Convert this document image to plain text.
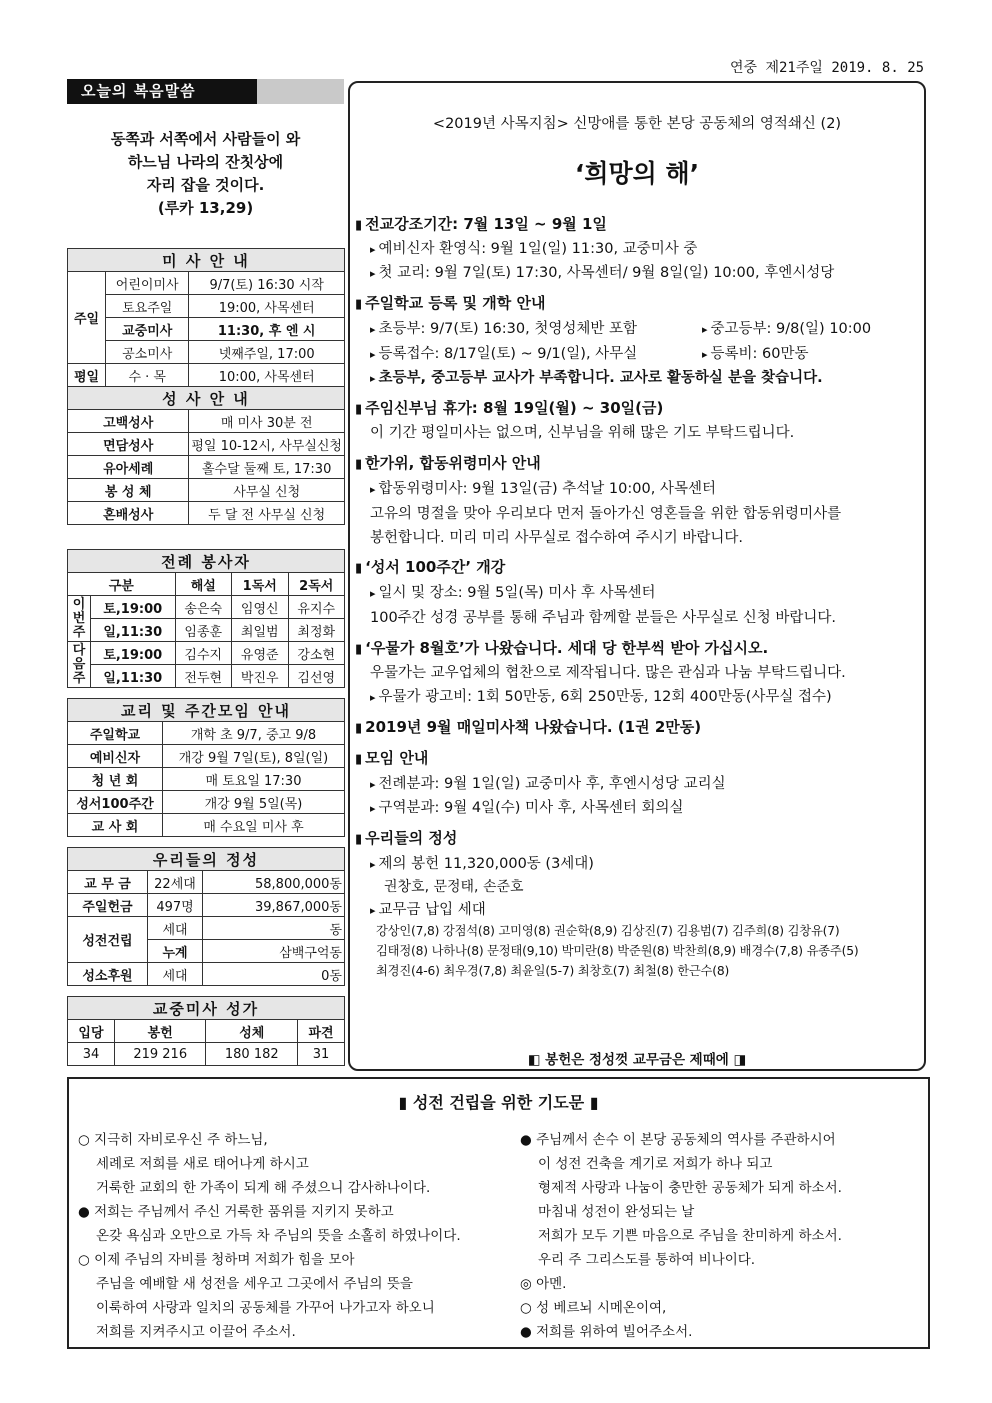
연중 제21주일 2019. 8. 25
오늘의 복음말씀
동쪽과 서쪽에서 사람들이 와
하느님 나라의 잔칫상에
자리 잡을 것이다.
(루카 13,29)
미 사 안 내		
주일	어린이미사	9/7(토) 16:30 시작
	토요주일	19:00, 사목센터
	교중미사	11:30, 후 엔 시
	공소미사	넷째주일, 17:00
평일	수 · 목	10:00, 사목센터
성 사 안 내		
고백성사		매 미사 30분 전
면담성사		평일 10-12시, 사무실신청
유아세례		홀수달 둘째 토, 17:30
봉 성 체		사무실 신청
혼배성사		두 달 전 사무실 신청
전례 봉사자				
구분		해설	1독서	2독서
이번주	토,19:00	송은숙	임영신	유지수
	일,11:30	임종훈	최일범	최정화
다음주	토,19:00	김수지	유영준	강소현
	일,11:30	전두현	박진우	김선영
교리 및 주간모임 안내	
주일학교	개학 초 9/7, 중고 9/8
예비신자	개강 9월 7일(토), 8일(일)
청 년 회	매 토요일 17:30
성서100주간	개강 9월 5일(목)
교 사 회	매 수요일 미사 후
우리들의 정성		
교 무 금	22세대	58,800,000동
주일헌금	497명	39,867,000동
성전건립	세대	동
	누계	삼백구억동
성소후원	세대	0동
교중미사 성가			
입당	봉헌	성체	파견
34	219 216	180 182	31
<2019년 사목지침> 신망애를 통한 본당 공동체의 영적쇄신 (2)
‘희망의 해’
▮ 전교강조기간: 7월 13일 ~ 9월 1일
▸ 예비신자 환영식: 9월 1일(일) 11:30, 교중미사 중
▸ 첫 교리: 9월 7일(토) 17:30, 사목센터/ 9월 8일(일) 10:00, 후엔시성당
▮ 주일학교 등록 및 개학 안내
▸ 초등부: 9/7(토) 16:30, 첫영성체반 포함	▸ 중고등부: 9/8(일) 10:00
▸ 등록접수: 8/17일(토) ~ 9/1(일), 사무실	▸ 등록비: 60만동
▸ 초등부, 중고등부 교사가 부족합니다. 교사로 활동하실 분을 찾습니다.
▮ 주임신부님 휴가: 8월 19일(월) ~ 30일(금)
이 기간 평일미사는 없으며, 신부님을 위해 많은 기도 부탁드립니다.
▮ 한가위, 합동위령미사 안내
▸ 합동위령미사: 9월 13일(금) 추석날 10:00, 사목센터
고유의 명절을 맞아 우리보다 먼저 돌아가신 영혼들을 위한 합동위령미사를
봉헌합니다. 미리 미리 사무실로 접수하여 주시기 바랍니다.
▮ ‘성서 100주간’ 개강
▸ 일시 및 장소: 9월 5일(목) 미사 후 사목센터
100주간 성경 공부를 통해 주님과 함께할 분들은 사무실로 신청 바랍니다.
▮ ‘우물가 8월호’가 나왔습니다. 세대 당 한부씩 받아 가십시오.
우물가는 교우업체의 협찬으로 제작됩니다. 많은 관심과 나눔 부탁드립니다.
▸ 우물가 광고비: 1회 50만동, 6회 250만동, 12회 400만동(사무실 접수)
▮ 2019년 9월 매일미사책 나왔습니다. (1권 2만동)
▮ 모임 안내
▸ 전례분과: 9월 1일(일) 교중미사 후, 후엔시성당 교리실
▸ 구역분과: 9월 4일(수) 미사 후, 사목센터 회의실
▮ 우리들의 정성
▸ 제의 봉헌 11,320,000동 (3세대)
권창호, 문정태, 손준호
▸ 교무금 납입 세대
강상인(7,8) 강점석(8) 고미영(8) 권순학(8,9) 김상진(7) 김용범(7) 김주희(8) 김창유(7)
김태정(8) 나하나(8) 문정태(9,10) 박미란(8) 박준원(8) 박찬희(8,9) 배경수(7,8) 유종주(5)
최경진(4-6) 최우경(7,8) 최윤일(5-7) 최창호(7) 최철(8) 한근수(8)
◧ 봉헌은 정성껏 교무금은 제때에 ◨
▮ 성전 건립을 위한 기도문 ▮
○ 지극히 자비로우신 주 하느님,
세례로 저희를 새로 태어나게 하시고
거룩한 교회의 한 가족이 되게 해 주셨으니 감사하나이다.
● 저희는 주님께서 주신 거룩한 품위를 지키지 못하고
온갖 욕심과 오만으로 가득 차 주님의 뜻을 소홀히 하였나이다.
○ 이제 주님의 자비를 청하며 저희가 힘을 모아
주님을 예배할 새 성전을 세우고 그곳에서 주님의 뜻을
이룩하여 사랑과 일치의 공동체를 가꾸어 나가고자 하오니
저희를 지켜주시고 이끌어 주소서.
● 주님께서 손수 이 본당 공동체의 역사를 주관하시어
이 성전 건축을 계기로 저희가 하나 되고
형제적 사랑과 나눔이 충만한 공동체가 되게 하소서.
마침내 성전이 완성되는 날
저희가 모두 기쁜 마음으로 주님을 찬미하게 하소서.
우리 주 그리스도를 통하여 비나이다.
◎ 아멘.
○ 성 베르뇌 시메온이여,
● 저희를 위하여 빌어주소서.
